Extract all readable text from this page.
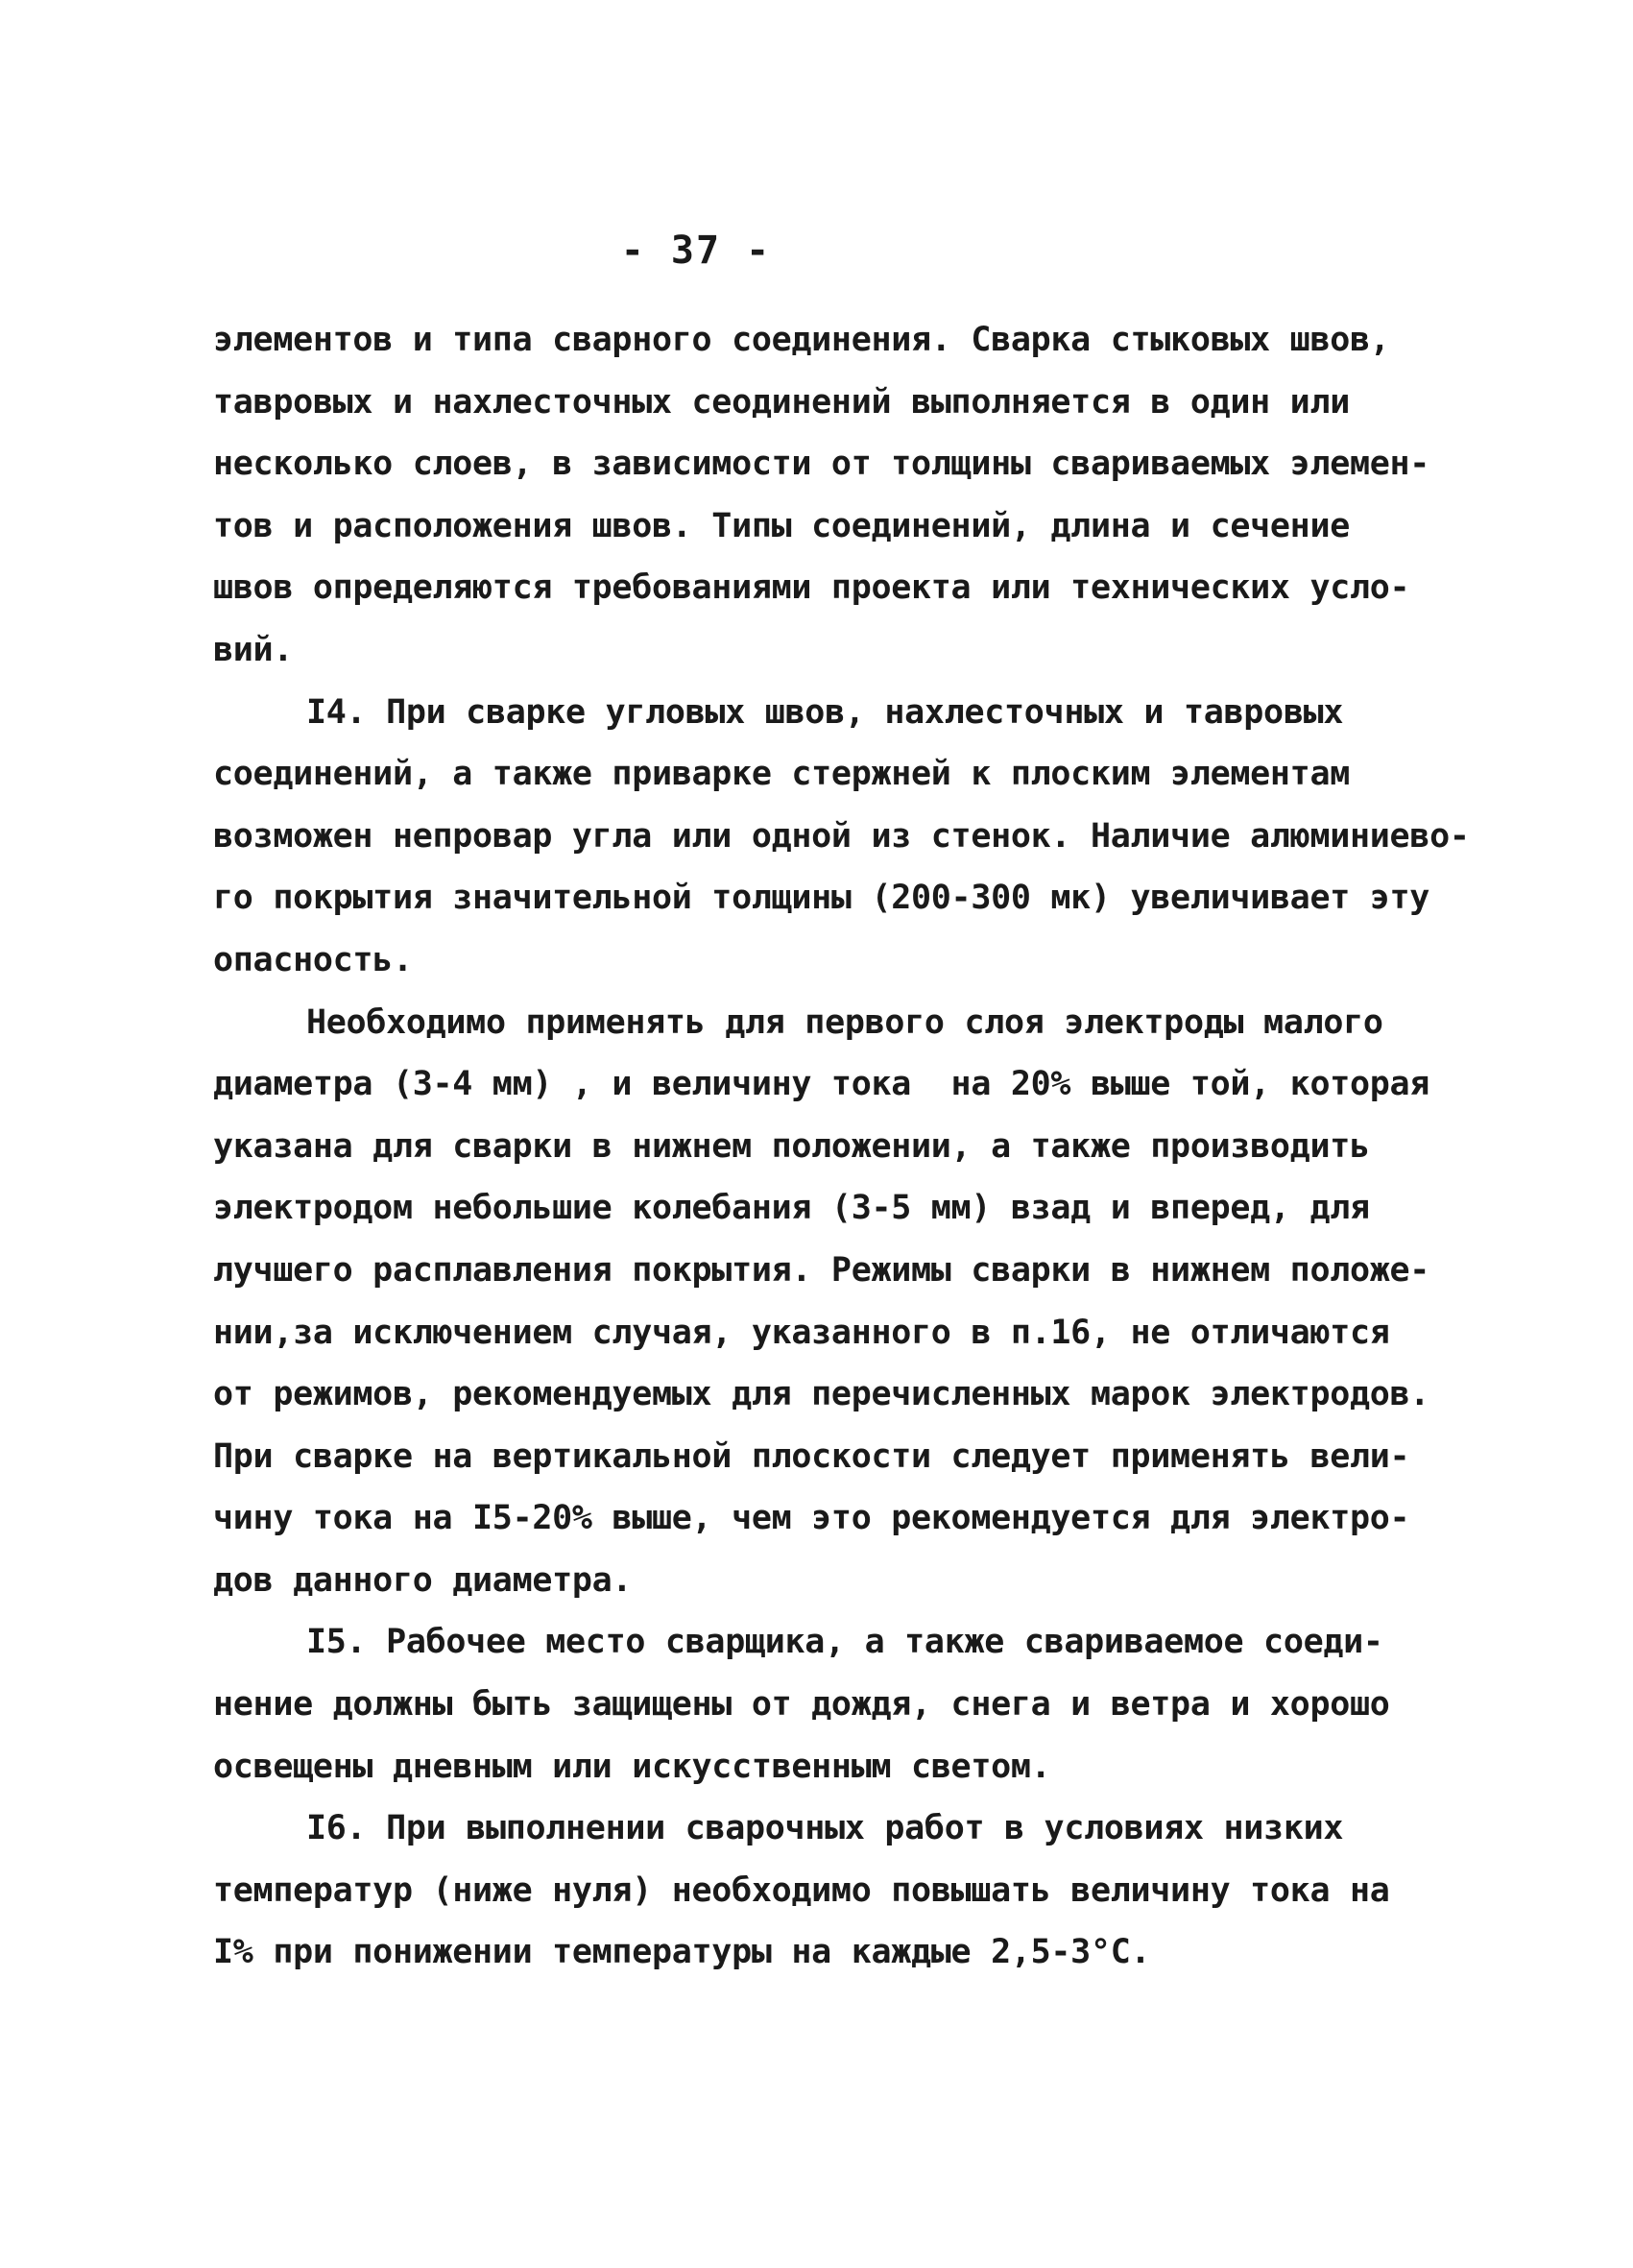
- 37 -
элементов и типа сварного соединения. Сварка стыковых швов,
тавровых и нахлесточных сеодинений выполняется в один или
несколько слоев, в зависимости от толщины свариваемых элемен-
тов и расположения швов. Типы соединений, длина и сечение
швов определяются требованиями проекта или технических усло-
вий.
I4. При сварке угловых швов, нахлесточных и тавровых
соединений, а также приварке стержней к плоским элементам
возможен непровар угла или одной из стенок. Наличие алюминиево-
го покрытия значительной толщины (200-300 мк) увеличивает эту
опасность.
Необходимо применять для первого слоя электроды малого
диаметра (3-4 мм) , и величину тока  на 20% выше той, которая
указана для сварки в нижнем положении, а также производить
электродом небольшие колебания (3-5 мм) взад и вперед, для
лучшего расплавления покрытия. Режимы сварки в нижнем положе-
нии,за исключением случая, указанного в п.16, не отличаются
от режимов, рекомендуемых для перечисленных марок электродов.
При сварке на вертикальной плоскости следует применять вели-
чину тока на I5-20% выше, чем это рекомендуется для электро-
дов данного диаметра.
I5. Рабочее место сварщика, а также свариваемое соеди-
нение должны быть защищены от дождя, снега и ветра и хорошо
освещены дневным или искусственным светом.
I6. При выполнении сварочных работ в условиях низких
температур (ниже нуля) необходимо повышать величину тока на
I% при понижении температуры на каждые 2,5-3°С.
